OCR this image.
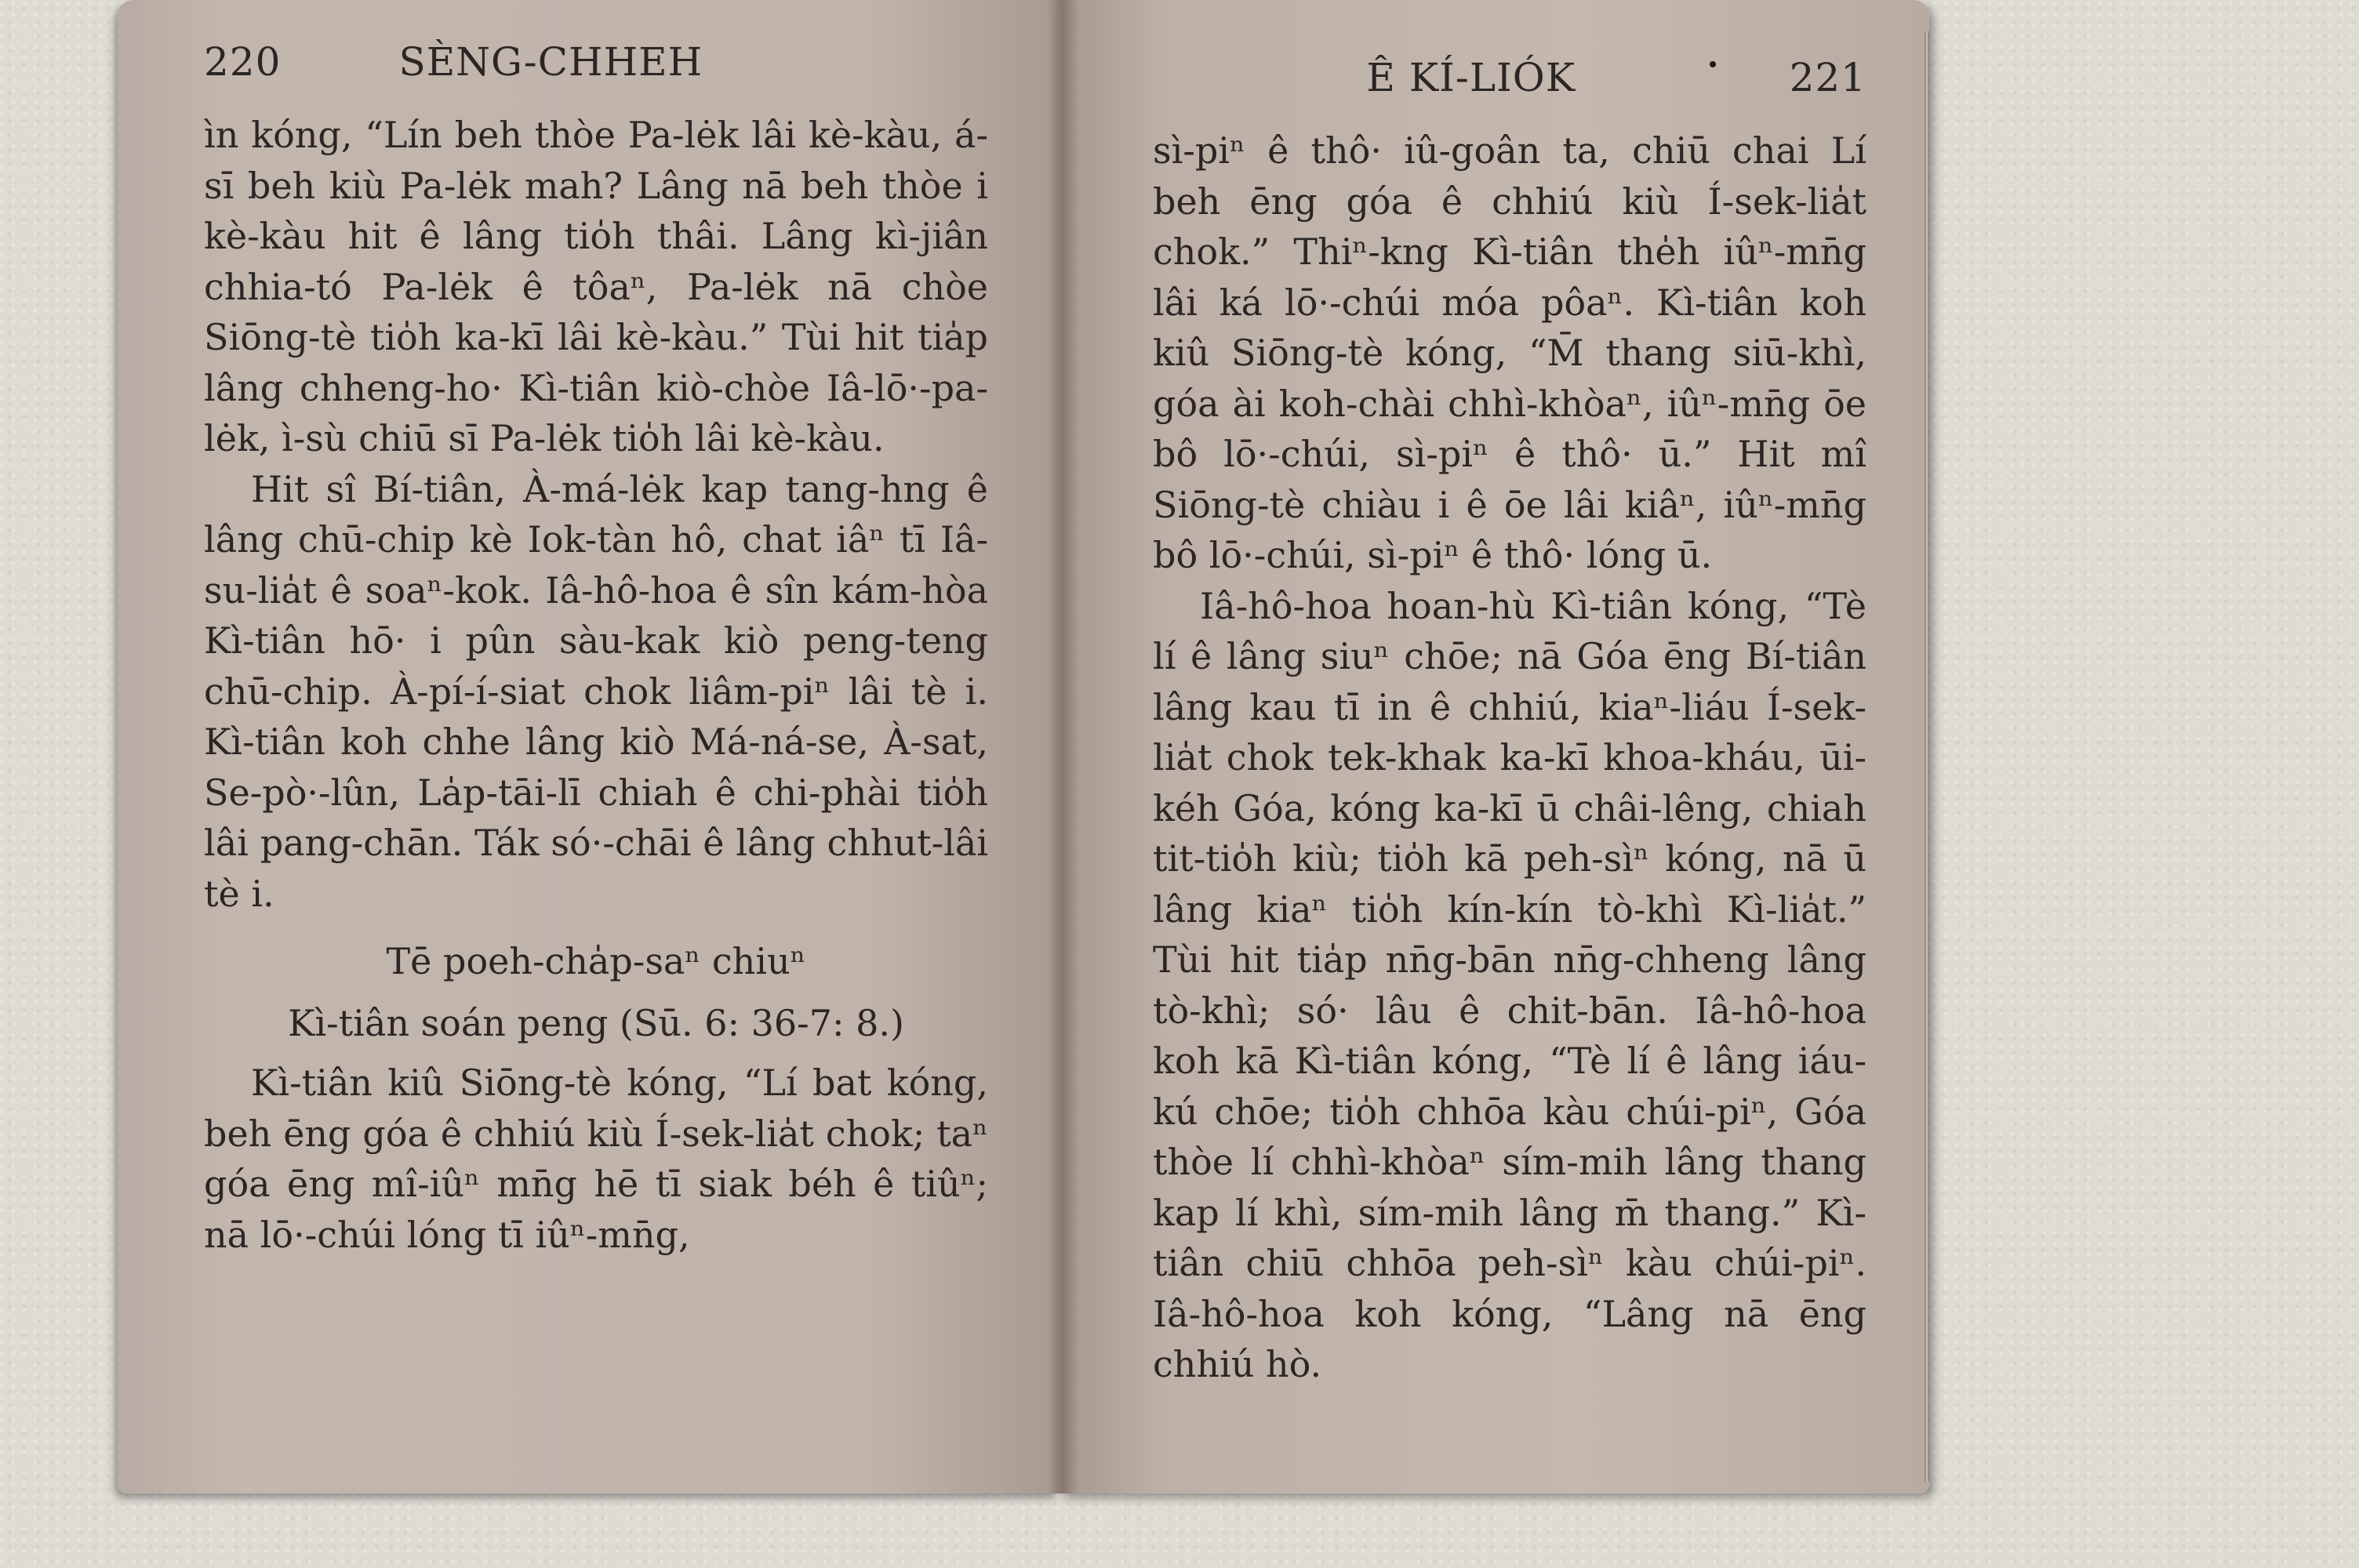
220	SÈNG-CHHEH

ìn kóng, “Lín beh thòe Pa-lėk lâi kè-kàu, á-sī beh kiù Pa-lėk mah? Lâng nā beh thòe i kè-kàu hit ê lâng tio̍h thâi. Lâng kì-jiân chhia-tó Pa-lėk ê tôaⁿ, Pa-lėk nā chòe Siōng-tè tio̍h ka-kī lâi kè-kàu.” Tùi hit tia̍p lâng chheng-ho· Kì-tiân kiò-chòe Iâ-lō·-pa-lėk, ì-sù chiū sī Pa-lėk tio̍h lâi kè-kàu.

Hit sî Bí-tiân, À-má-lėk kap tang-hng ê lâng chū-chip kè Iok-tàn hô, chat iâⁿ tī Iâ-su-lia̍t ê soaⁿ-kok. Iâ-hô-hoa ê sîn kám-hòa Kì-tiân hō· i pûn sàu-kak kiò peng-teng chū-chip. À-pí-í-siat chok liâm-piⁿ lâi tè i. Kì-tiân koh chhe lâng kiò Má-ná-se, À-sat, Se-pò·-lûn, La̍p-tāi-lī chiah ê chi-phài tio̍h lâi pang-chān. Ták só·-chāi ê lâng chhut-lâi tè i.

Tē poeh-cha̍p-saⁿ chiuⁿ
Kì-tiân soán peng (Sū. 6: 36-7: 8.)

Kì-tiân kiû Siōng-tè kóng, “Lí bat kóng, beh ēng góa ê chhiú kiù Í-sek-lia̍t chok; taⁿ góa ēng mî-iûⁿ mn̄g hē tī siak béh ê tiûⁿ; nā lō·-chúi lóng tī iûⁿ-mn̄g,

Ê KÍ-LIÓK	221

sì-piⁿ ê thô· iû-goân ta, chiū chai Lí beh ēng góa ê chhiú kiù Í-sek-lia̍t chok.” Thiⁿ-kng Kì-tiân the̍h iûⁿ-mn̄g lâi ká lō·-chúi móa pôaⁿ. Kì-tiân koh kiû Siōng-tè kóng, “M̄ thang siū-khì, góa ài koh-chài chhì-khòaⁿ, iûⁿ-mn̄g ōe bô lō·-chúi, sì-piⁿ ê thô· ū.” Hit mî Siōng-tè chiàu i ê ōe lâi kiâⁿ, iûⁿ-mn̄g bô lō·-chúi, sì-piⁿ ê thô· lóng ū.

Iâ-hô-hoa hoan-hù Kì-tiân kóng, “Tè lí ê lâng siuⁿ chōe; nā Góa ēng Bí-tiân lâng kau tī in ê chhiú, kiaⁿ-liáu Í-sek-lia̍t chok tek-khak ka-kī khoa-kháu, ūi-kéh Góa, kóng ka-kī ū châi-lêng, chiah tit-tio̍h kiù; tio̍h kā peh-sìⁿ kóng, nā ū lâng kiaⁿ tio̍h kín-kín tò-khì Kì-lia̍t.” Tùi hit tia̍p nn̄g-bān nn̄g-chheng lâng tò-khì; só· lâu ê chit-bān. Iâ-hô-hoa koh kā Kì-tiân kóng, “Tè lí ê lâng iáu-kú chōe; tio̍h chhōa kàu chúi-piⁿ, Góa thòe lí chhì-khòaⁿ sím-mih lâng thang kap lí khì, sím-mih lâng m̄ thang.” Kì-tiân chiū chhōa peh-sìⁿ kàu chúi-piⁿ. Iâ-hô-hoa koh kóng, “Lâng nā ēng chhiú hò.
